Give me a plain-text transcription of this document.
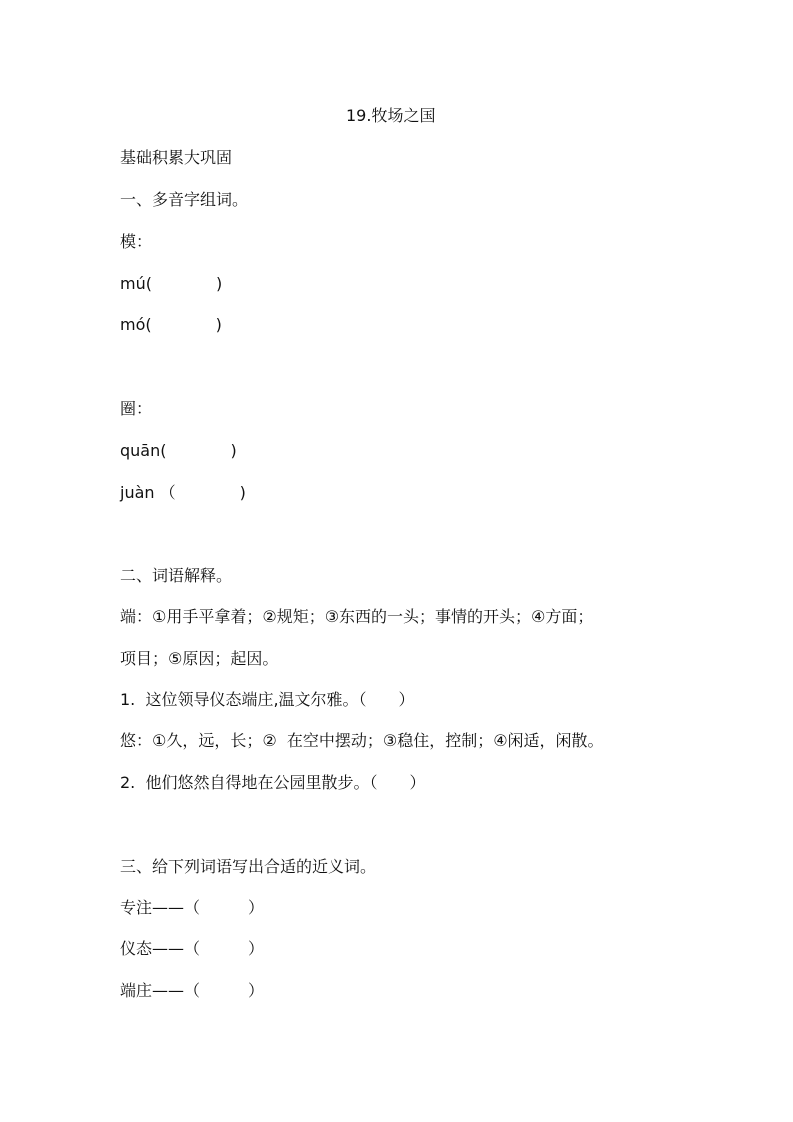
19.牧场之国

基础积累大巩固
一、多音字组词。
模：
mú(　　　　)
mó(　　　　)
圈：
quān(　　　　)
juàn （　　　　)
二、词语解释。
端：①用手平拿着；②规矩；③东西的一头；事情的开头；④方面；
项目；⑤原因；起因。
1.  这位领导仪态端庄,温文尔雅。（　　）
悠：①久，远，长；②  在空中摆动；③稳住，控制；④闲适，闲散。
2.  他们悠然自得地在公园里散步。（　　）
三、给下列词语写出合适的近义词。
专注——（　　　）
仪态——（　　　）
端庄——（　　　）
